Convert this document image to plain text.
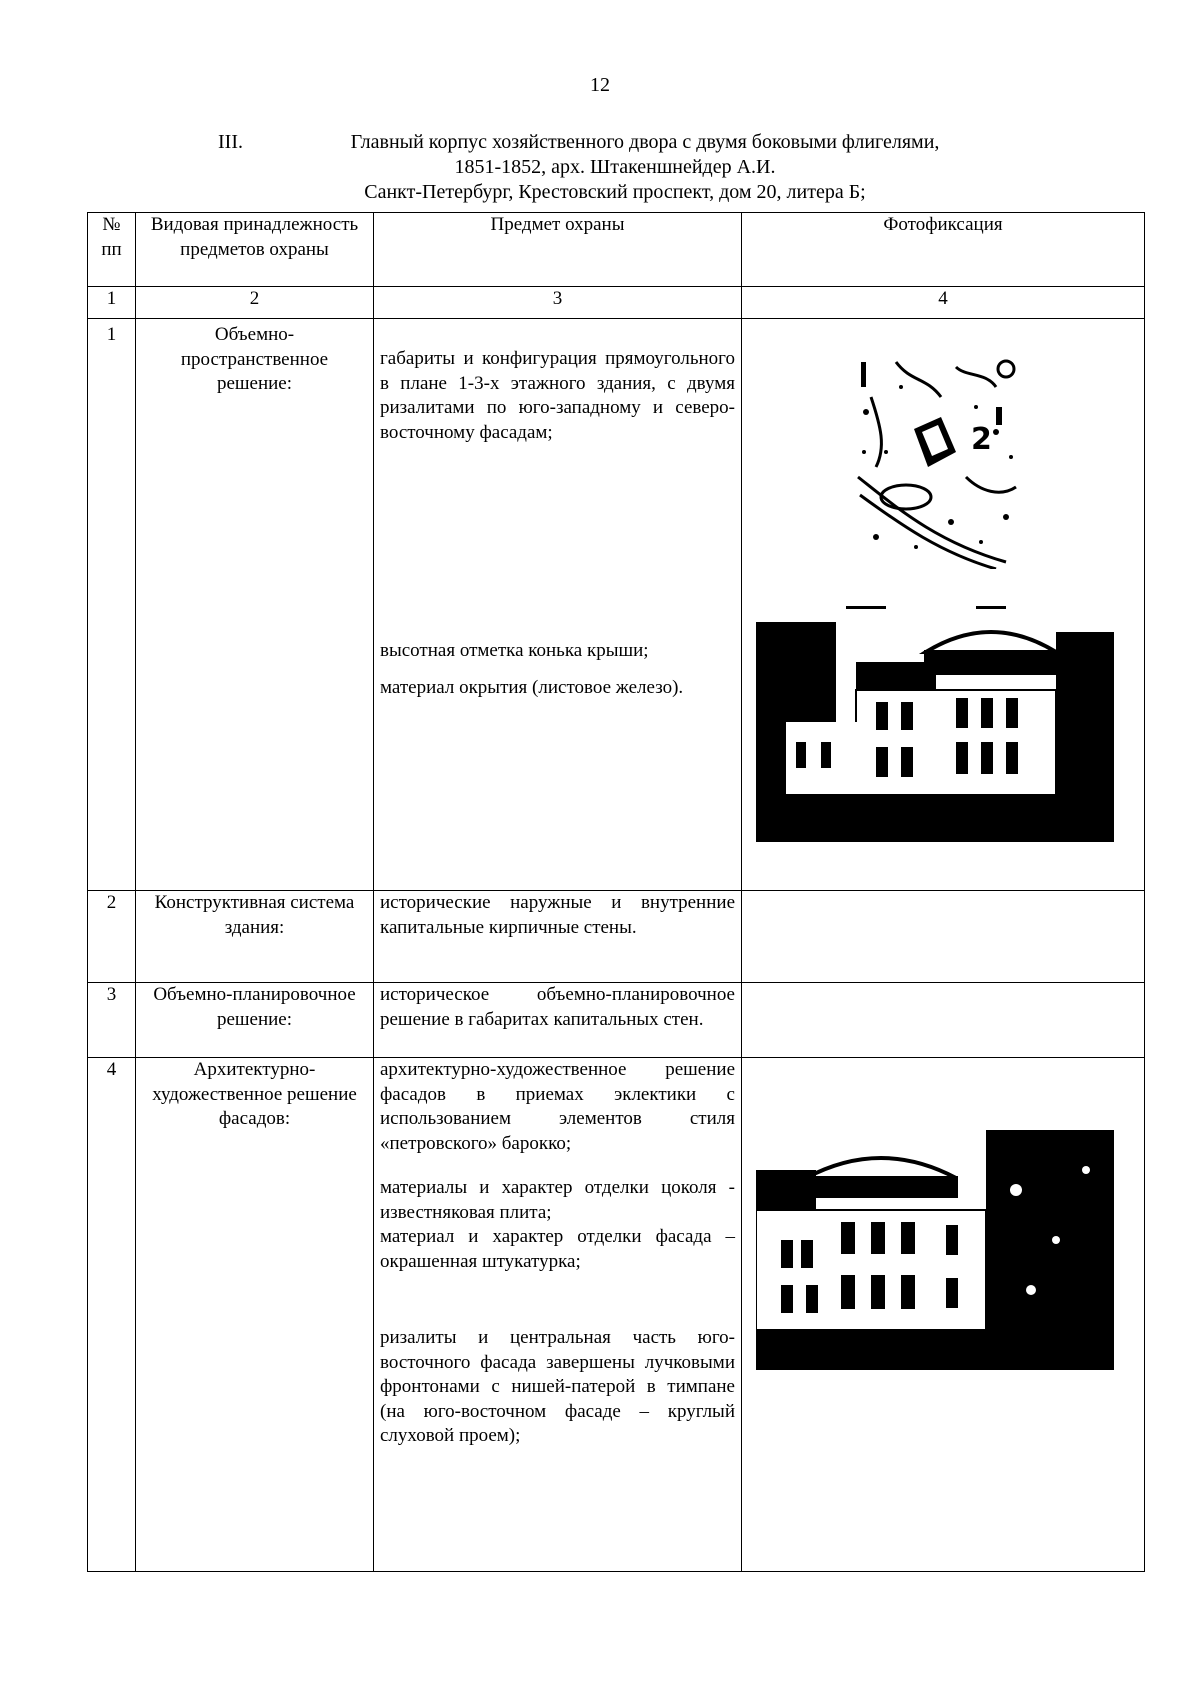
12
III.	Главный корпус хозяйственного двора с двумя боковыми флигелями,
1851-1852, арх. Штакеншнейдер А.И.
Санкт-Петербург, Крестовский проспект, дом 20, литера Б;
№ пп	Видовая принадлежность предметов охраны	Предмет охраны	Фотофиксация
1	2	3	4
1	Объемно-пространственное решение:	габариты и конфигурация прямоугольного в плане 1-3-х этажного здания, с двумя ризалитами по юго-западному и северо-восточному фасадам;
высотная отметка конька крыши;
материал окрытия (листовое железо).	2

2	Конструктивная система здания:	исторические наружные и внутренние капитальные кирпичные стены.	

3	Объемно-планировочное решение:	историческое объемно-планировочное решение в габаритах капитальных стен.	

4	Архитектурно-художественное решение фасадов:	архитектурно-художественное решение фасадов в приемах эклектики с использованием элементов стиля «петровского» барокко;
материалы и характер отделки цоколя - известняковая плита;
материал и характер отделки фасада – окрашенная штукатурка;
ризалиты и центральная часть юго-восточного фасада завершены лучковыми фронтонами с нишей-патерой в тимпане (на юго-восточном фасаде – круглый слуховой проем);
